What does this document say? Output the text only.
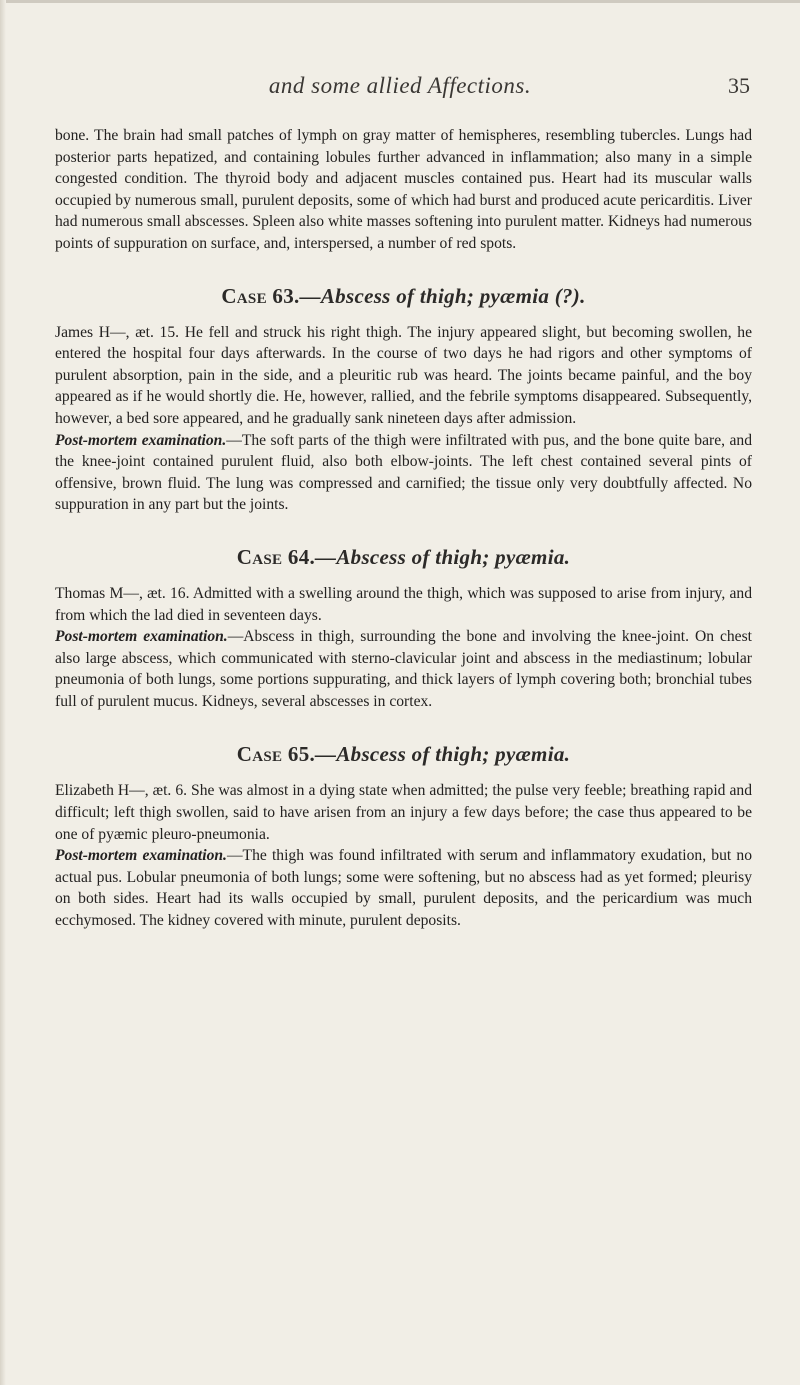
and some allied Affections.	35

bone. The brain had small patches of lymph on gray matter of hemispheres, resembling tubercles. Lungs had posterior parts hepatized, and containing lobules further advanced in inflammation; also many in a simple congested condition. The thyroid body and adjacent muscles contained pus. Heart had its muscular walls occupied by numerous small, purulent deposits, some of which had burst and produced acute pericarditis. Liver had numerous small abscesses. Spleen also white masses softening into purulent matter. Kidneys had numerous points of suppuration on surface, and, interspersed, a number of red spots.

Case 63.—Abscess of thigh; pyæmia (?).

James H—, æt. 15. He fell and struck his right thigh. The injury appeared slight, but becoming swollen, he entered the hospital four days afterwards. In the course of two days he had rigors and other symptoms of purulent absorption, pain in the side, and a pleuritic rub was heard. The joints became painful, and the boy appeared as if he would shortly die. He, however, rallied, and the febrile symptoms disappeared. Subsequently, however, a bed sore appeared, and he gradually sank nineteen days after admission.

Post-mortem examination.—The soft parts of the thigh were infiltrated with pus, and the bone quite bare, and the knee-joint contained purulent fluid, also both elbow-joints. The left chest contained several pints of offensive, brown fluid. The lung was compressed and carnified; the tissue only very doubtfully affected. No suppuration in any part but the joints.

Case 64.—Abscess of thigh; pyæmia.

Thomas M—, æt. 16. Admitted with a swelling around the thigh, which was supposed to arise from injury, and from which the lad died in seventeen days.

Post-mortem examination.—Abscess in thigh, surrounding the bone and involving the knee-joint. On chest also large abscess, which communicated with sterno-clavicular joint and abscess in the mediastinum; lobular pneumonia of both lungs, some portions suppurating, and thick layers of lymph covering both; bronchial tubes full of purulent mucus. Kidneys, several abscesses in cortex.

Case 65.—Abscess of thigh; pyæmia.

Elizabeth H—, æt. 6. She was almost in a dying state when admitted; the pulse very feeble; breathing rapid and difficult; left thigh swollen, said to have arisen from an injury a few days before; the case thus appeared to be one of pyæmic pleuro-pneumonia.

Post-mortem examination.—The thigh was found infiltrated with serum and inflammatory exudation, but no actual pus. Lobular pneumonia of both lungs; some were softening, but no abscess had as yet formed; pleurisy on both sides. Heart had its walls occupied by small, purulent deposits, and the pericardium was much ecchymosed. The kidney covered with minute, purulent deposits.
